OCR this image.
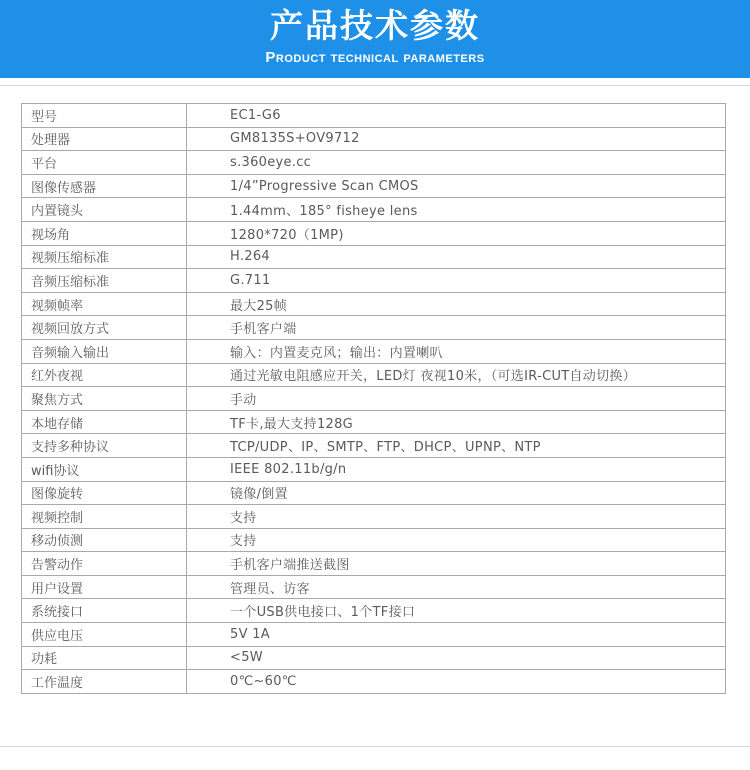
产品技术参数
Product technical parameters
型号	EC1-G6
处理器	GM8135S+OV9712
平台	s.360eye.cc
图像传感器	1/4”Progressive Scan CMOS
内置镜头	1.44mm、185° fisheye lens
视场角	1280*720（1MP)
视频压缩标准	H.264
音频压缩标准	G.711
视频帧率	最大25帧
视频回放方式	手机客户端
音频输入输出	输入：内置麦克风；输出：内置喇叭
红外夜视	通过光敏电阻感应开关，LED灯 夜视10米，（可选IR-CUT自动切换）
聚焦方式	手动
本地存储	TF卡,最大支持128G
支持多种协议	TCP/UDP、IP、SMTP、FTP、DHCP、UPNP、NTP
wifi协议	IEEE 802.11b/g/n
图像旋转	镜像/倒置
视频控制	支持
移动侦测	支持
告警动作	手机客户端推送截图
用户设置	管理员、访客
系统接口	一个USB供电接口、1个TF接口
供应电压	5V 1A
功耗	<5W
工作温度	0℃~60℃
